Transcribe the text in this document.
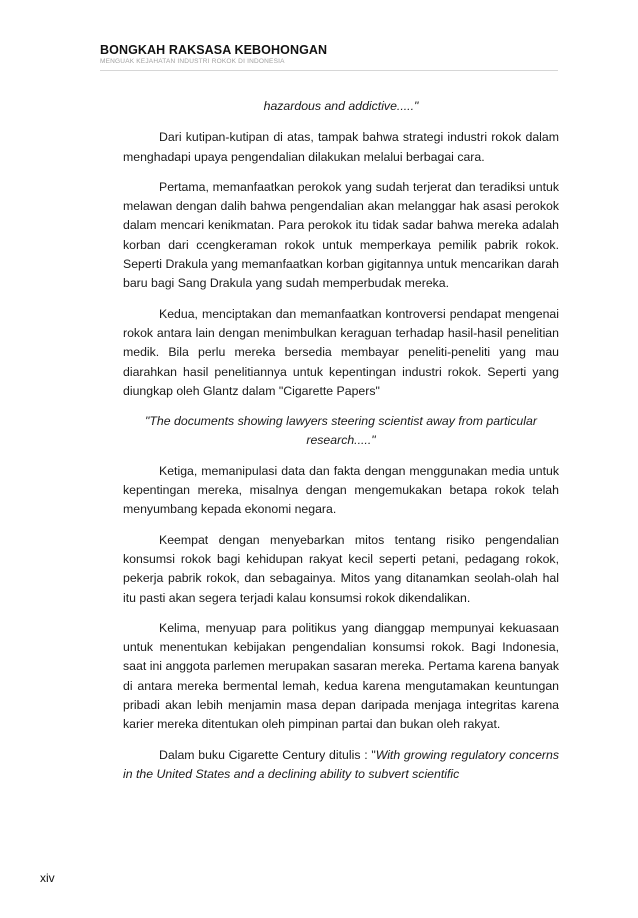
BONGKAH RAKSASA KEBOHONGAN
MENGUAK KEJAHATAN INDUSTRI ROKOK DI INDONESIA
hazardous and addictive....."

Dari kutipan-kutipan di atas, tampak bahwa strategi industri rokok dalam menghadapi upaya pengendalian dilakukan melalui berbagai cara.

Pertama, memanfaatkan perokok yang sudah terjerat dan teradiksi untuk melawan dengan dalih bahwa pengendalian akan melanggar hak asasi perokok dalam mencari kenikmatan. Para perokok itu tidak sadar bahwa mereka adalah korban dari ccengkeraman rokok untuk memperkaya pemilik pabrik rokok. Seperti Drakula yang memanfaatkan korban gigitannya untuk mencarikan darah baru bagi Sang Drakula yang sudah memperbudak mereka.

Kedua, menciptakan dan memanfaatkan kontroversi pendapat mengenai rokok antara lain dengan menimbulkan keraguan terhadap hasil-hasil penelitian medik. Bila perlu mereka bersedia membayar peneliti-peneliti yang mau diarahkan hasil penelitiannya untuk kepentingan industri rokok. Seperti yang diungkap oleh Glantz dalam "Cigarette Papers"

"The documents showing lawyers steering scientist away from particular research....."

Ketiga, memanipulasi data dan fakta dengan menggunakan media untuk kepentingan mereka, misalnya dengan mengemukakan betapa rokok telah menyumbang kepada ekonomi negara.

Keempat dengan menyebarkan mitos tentang risiko pengendalian konsumsi rokok bagi kehidupan rakyat kecil seperti petani, pedagang rokok, pekerja pabrik rokok, dan sebagainya. Mitos yang ditanamkan seolah-olah hal itu pasti akan segera terjadi kalau konsumsi rokok dikendalikan.

Kelima, menyuap para politikus yang dianggap mempunyai kekuasaan untuk menentukan kebijakan pengendalian konsumsi rokok. Bagi Indonesia, saat ini anggota parlemen merupakan sasaran mereka. Pertama karena banyak di antara mereka bermental lemah, kedua karena mengutamakan keuntungan pribadi akan lebih menjamin masa depan daripada menjaga integritas karena karier mereka ditentukan oleh pimpinan partai dan bukan oleh rakyat.

Dalam buku Cigarette Century ditulis : "With growing regulatory concerns in the United States and a declining ability to subvert scientific

xiv
